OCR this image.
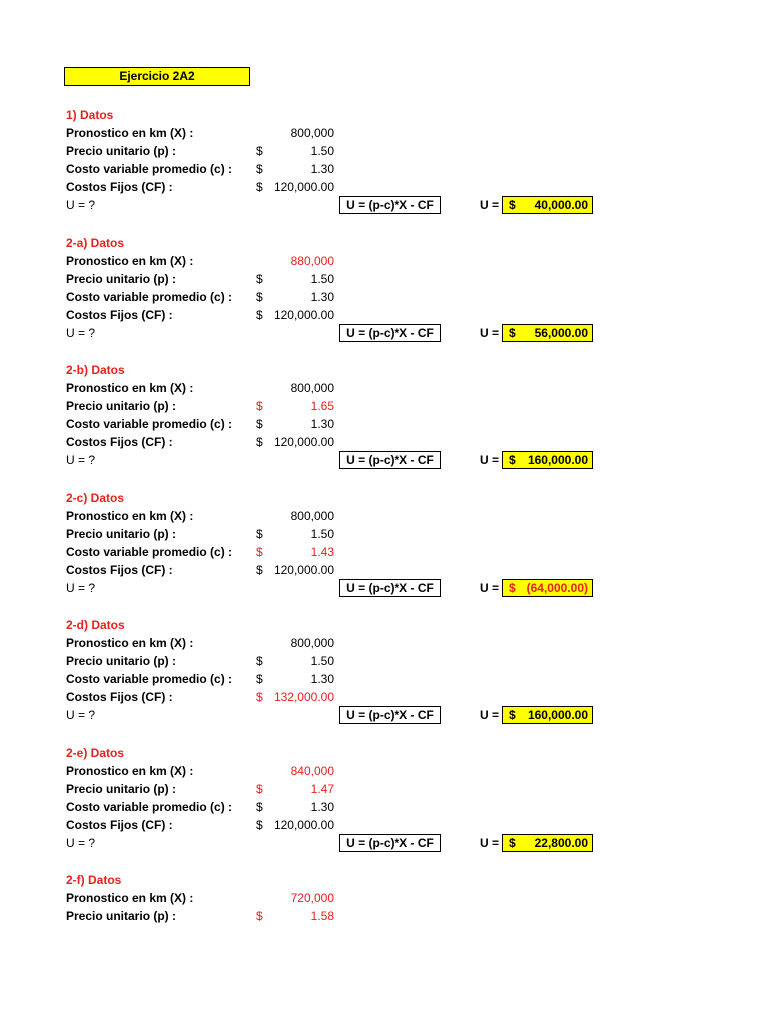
Ejercicio 2A2
1) Datos
Pronostico en km (X) :	800,000
Precio unitario (p) :	$	1.50
Costo variable promedio (c) : $	1.30
Costos Fijos (CF) :	$ 120,000.00
U = ?	U = (p-c)*X - CF	U = $ 40,000.00
2-a) Datos
Pronostico en km (X) :	880,000
Precio unitario (p) :	$	1.50
Costo variable promedio (c) : $	1.30
Costos Fijos (CF) :	$ 120,000.00
U = ?	U = (p-c)*X - CF	U = $ 56,000.00
2-b) Datos
Pronostico en km (X) :	800,000
Precio unitario (p) :	$	1.65
Costo variable promedio (c) : $	1.30
Costos Fijos (CF) :	$ 120,000.00
U = ?	U = (p-c)*X - CF	U = $ 160,000.00
2-c) Datos
Pronostico en km (X) :	800,000
Precio unitario (p) :	$	1.50
Costo variable promedio (c) : $	1.43
Costos Fijos (CF) :	$ 120,000.00
U = ?	U = (p-c)*X - CF	U = $ (64,000.00)
2-d) Datos
Pronostico en km (X) :	800,000
Precio unitario (p) :	$	1.50
Costo variable promedio (c) : $	1.30
Costos Fijos (CF) :	$ 132,000.00
U = ?	U = (p-c)*X - CF	U = $ 160,000.00
2-e) Datos
Pronostico en km (X) :	840,000
Precio unitario (p) :	$	1.47
Costo variable promedio (c) : $	1.30
Costos Fijos (CF) :	$ 120,000.00
U = ?	U = (p-c)*X - CF	U = $ 22,800.00
2-f) Datos
Pronostico en km (X) :	720,000
Precio unitario (p) :	$	1.58
